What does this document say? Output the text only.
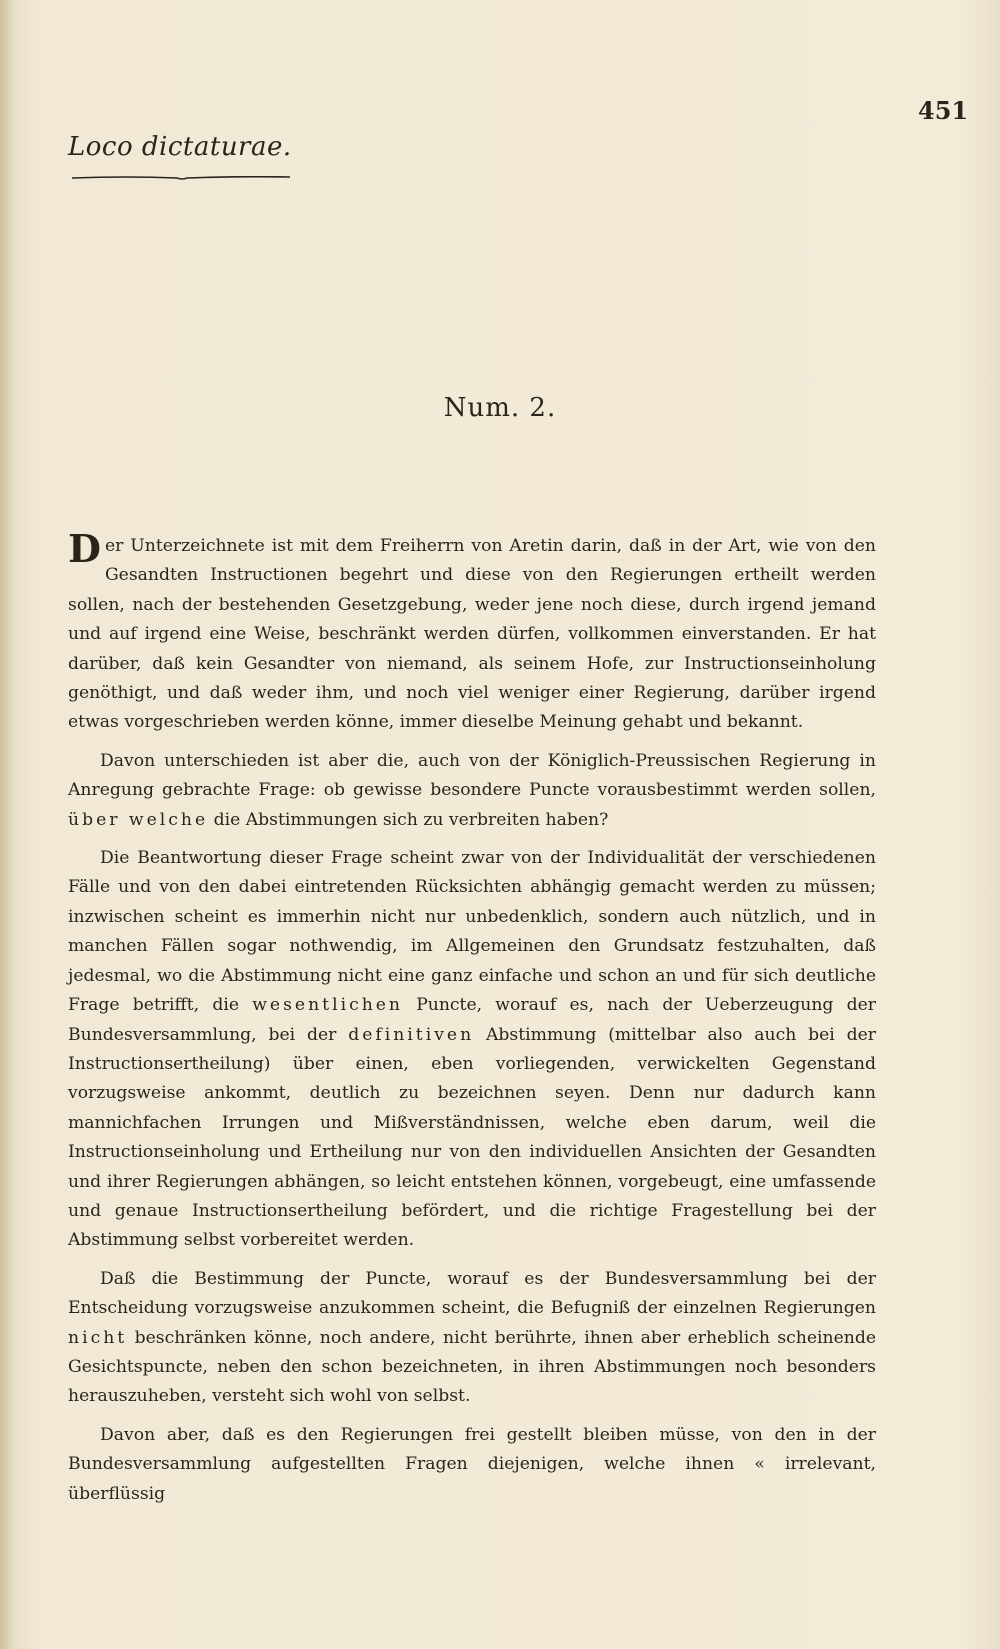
Loco dictaturae.
451
Num. 2.

Der Unterzeichnete ist mit dem Freiherrn von Aretin darin, daß in der Art, wie von den Gesandten Instructionen begehrt und diese von den Regierungen ertheilt werden sollen, nach der bestehenden Gesetzgebung, weder jene noch diese, durch irgend jemand und auf irgend eine Weise, beschränkt werden dürfen, vollkommen einverstanden. Er hat darüber, daß kein Gesandter von niemand, als seinem Hofe, zur Instructionseinholung genöthigt, und daß weder ihm, und noch viel weniger einer Regierung, darüber irgend etwas vorgeschrieben werden könne, immer dieselbe Meinung gehabt und bekannt.

Davon unterschieden ist aber die, auch von der Königlich-Preussischen Regierung in Anregung gebrachte Frage: ob gewisse besondere Puncte vorausbestimmt werden sollen, über welche die Abstimmungen sich zu verbreiten haben?

Die Beantwortung dieser Frage scheint zwar von der Individualität der verschiedenen Fälle und von den dabei eintretenden Rücksichten abhängig gemacht werden zu müssen; inzwischen scheint es immerhin nicht nur unbedenklich, sondern auch nützlich, und in manchen Fällen sogar nothwendig, im Allgemeinen den Grundsatz festzuhalten, daß jedesmal, wo die Abstimmung nicht eine ganz einfache und schon an und für sich deutliche Frage betrifft, die wesentlichen Puncte, worauf es, nach der Ueberzeugung der Bundesversammlung, bei der definitiven Abstimmung (mittelbar also auch bei der Instructionsertheilung) über einen, eben vorliegenden, verwickelten Gegenstand vorzugsweise ankommt, deutlich zu bezeichnen seyen. Denn nur dadurch kann mannichfachen Irrungen und Mißverständnissen, welche eben darum, weil die Instructionseinholung und Ertheilung nur von den individuellen Ansichten der Gesandten und ihrer Regierungen abhängen, so leicht entstehen können, vorgebeugt, eine umfassende und genaue Instructionsertheilung befördert, und die richtige Fragestellung bei der Abstimmung selbst vorbereitet werden.

Daß die Bestimmung der Puncte, worauf es der Bundesversammlung bei der Entscheidung vorzugsweise anzukommen scheint, die Befugniß der einzelnen Regierungen nicht beschränken könne, noch andere, nicht berührte, ihnen aber erheblich scheinende Gesichtspuncte, neben den schon bezeichneten, in ihren Abstimmungen noch besonders herauszuheben, versteht sich wohl von selbst.

Davon aber, daß es den Regierungen frei gestellt bleiben müsse, von den in der Bundesversammlung aufgestellten Fragen diejenigen, welche ihnen « irrelevant, überflüssig
